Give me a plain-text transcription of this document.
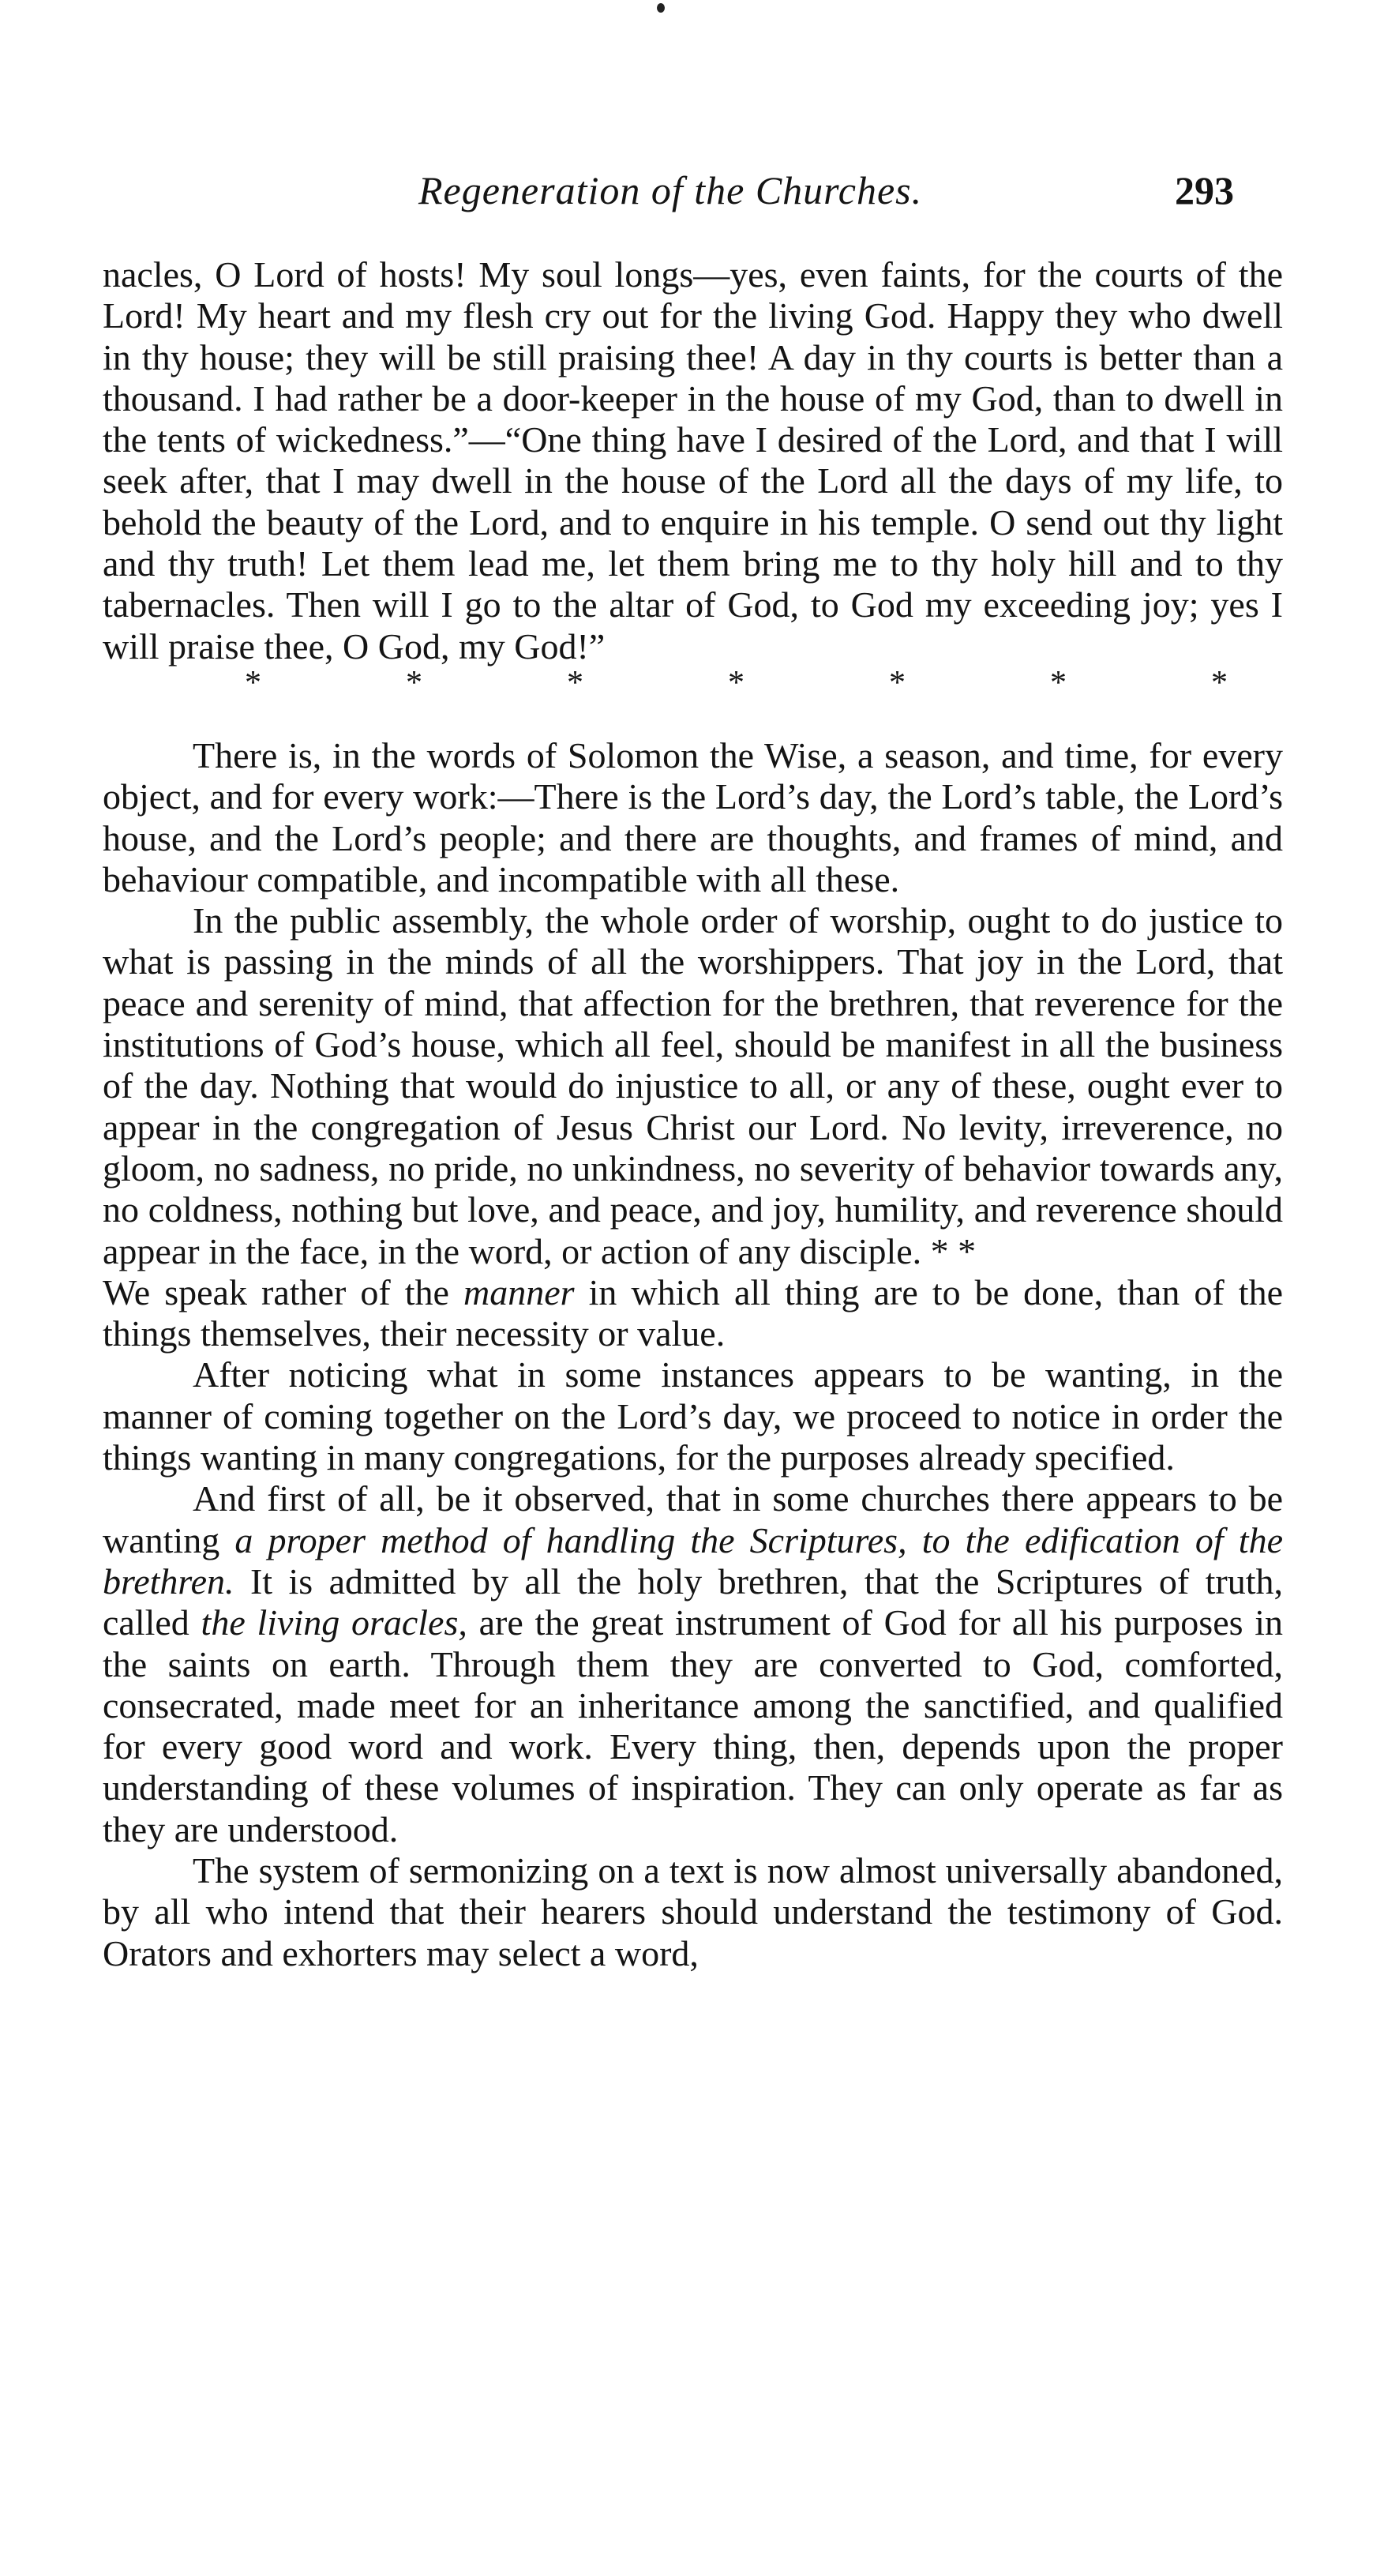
Regeneration of the Churches.	293

nacles, O Lord of hosts! My soul longs—yes, even faints, for the courts of the Lord! My heart and my flesh cry out for the living God. Happy they who dwell in thy house; they will be still praising thee! A day in thy courts is better than a thousand. I had rather be a door-keeper in the house of my God, than to dwell in the tents of wickedness.”—“One thing have I desired of the Lord, and that I will seek after, that I may dwell in the house of the Lord all the days of my life, to behold the beauty of the Lord, and to enquire in his temple. O send out thy light and thy truth! Let them lead me, let them bring me to thy holy hill and to thy tabernacles. Then will I go to the altar of God, to God my exceeding joy; yes I will praise thee, O God, my God!”

*	*	*	*	*	*	*

There is, in the words of Solomon the Wise, a season, and time, for every object, and for every work:—There is the Lord’s day, the Lord’s table, the Lord’s house, and the Lord’s people; and there are thoughts, and frames of mind, and behaviour compatible, and incompatible with all these.

In the public assembly, the whole order of worship, ought to do justice to what is passing in the minds of all the worshippers. That joy in the Lord, that peace and serenity of mind, that affection for the brethren, that reverence for the institutions of God’s house, which all feel, should be manifest in all the business of the day. Nothing that would do injustice to all, or any of these, ought ever to appear in the congregation of Jesus Christ our Lord. No levity, irreverence, no gloom, no sadness, no pride, no unkindness, no severity of behavior towards any, no coldness, nothing but love, and peace, and joy, humility, and reverence should appear in the face, in the word, or action of any disciple. * *

We speak rather of the manner in which all thing are to be done, than of the things themselves, their necessity or value.

After noticing what in some instances appears to be wanting, in the manner of coming together on the Lord’s day, we proceed to notice in order the things wanting in many congregations, for the purposes already specified.

And first of all, be it observed, that in some churches there appears to be wanting a proper method of handling the Scriptures, to the edification of the brethren. It is admitted by all the holy brethren, that the Scriptures of truth, called the living oracles, are the great instrument of God for all his purposes in the saints on earth. Through them they are converted to God, comforted, consecrated, made meet for an inheritance among the sanctified, and qualified for every good word and work. Every thing, then, depends upon the proper understanding of these volumes of inspiration. They can only operate as far as they are understood.

The system of sermonizing on a text is now almost universally abandoned, by all who intend that their hearers should understand the testimony of God. Orators and exhorters may select a word,
